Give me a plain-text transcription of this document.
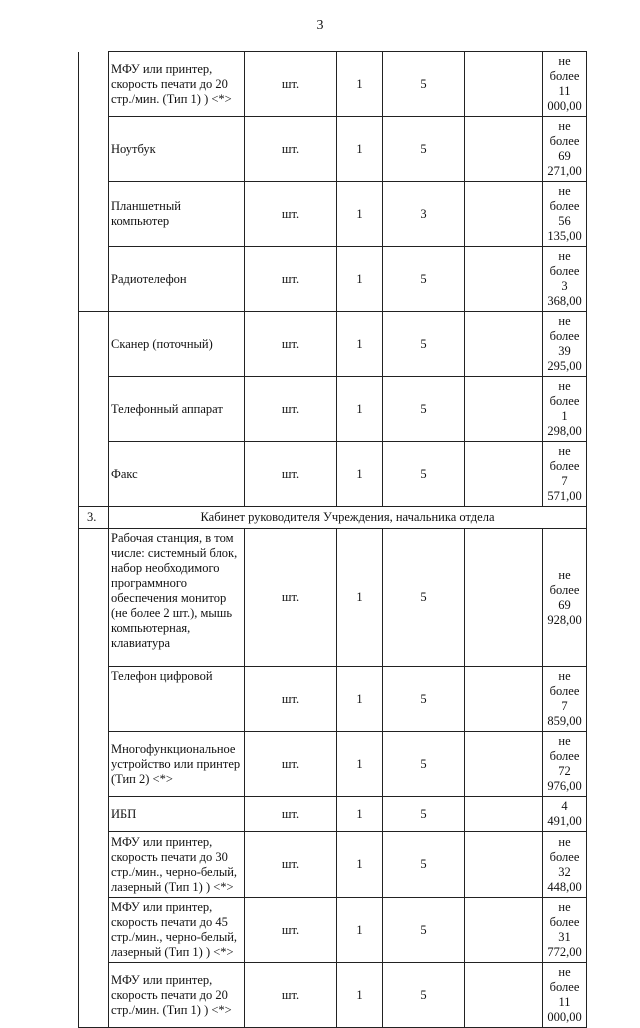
3
	МФУ или принтер, скорость печати до 20 стр./мин. (Тип 1) ) <*>	шт.	1	5		не более 11 000,00
	Ноутбук	шт.	1	5		не более 69 271,00
	Планшетный компьютер	шт.	1	3		не более 56 135,00
	Радиотелефон	шт.	1	5		не более 3 368,00
	Сканер (поточный)	шт.	1	5		не более 39 295,00
	Телефонный аппарат	шт.	1	5		не более 1 298,00
	Факс	шт.	1	5		не более 7 571,00
3.	Кабинет руководителя Учреждения, начальника отдела					
	Рабочая станция, в том числе: системный блок, набор необходимого программного обеспечения монитор (не более 2 шт.), мышь компьютерная, клавиатура	шт.	1	5		не более 69 928,00
	Телефон цифровой	шт.	1	5		не более 7 859,00
	Многофункциональное устройство или принтер (Тип 2) <*>	шт.	1	5		не более 72 976,00
	ИБП	шт.	1	5		4 491,00
	МФУ или принтер, скорость печати до 30 стр./мин., черно-белый, лазерный (Тип 1) ) <*>	шт.	1	5		не более 32 448,00
	МФУ или принтер, скорость печати до 45 стр./мин., черно-белый, лазерный (Тип 1) ) <*>	шт.	1	5		не более 31 772,00
	МФУ или принтер, скорость печати до 20 стр./мин. (Тип 1) ) <*>	шт.	1	5		не более 11 000,00
